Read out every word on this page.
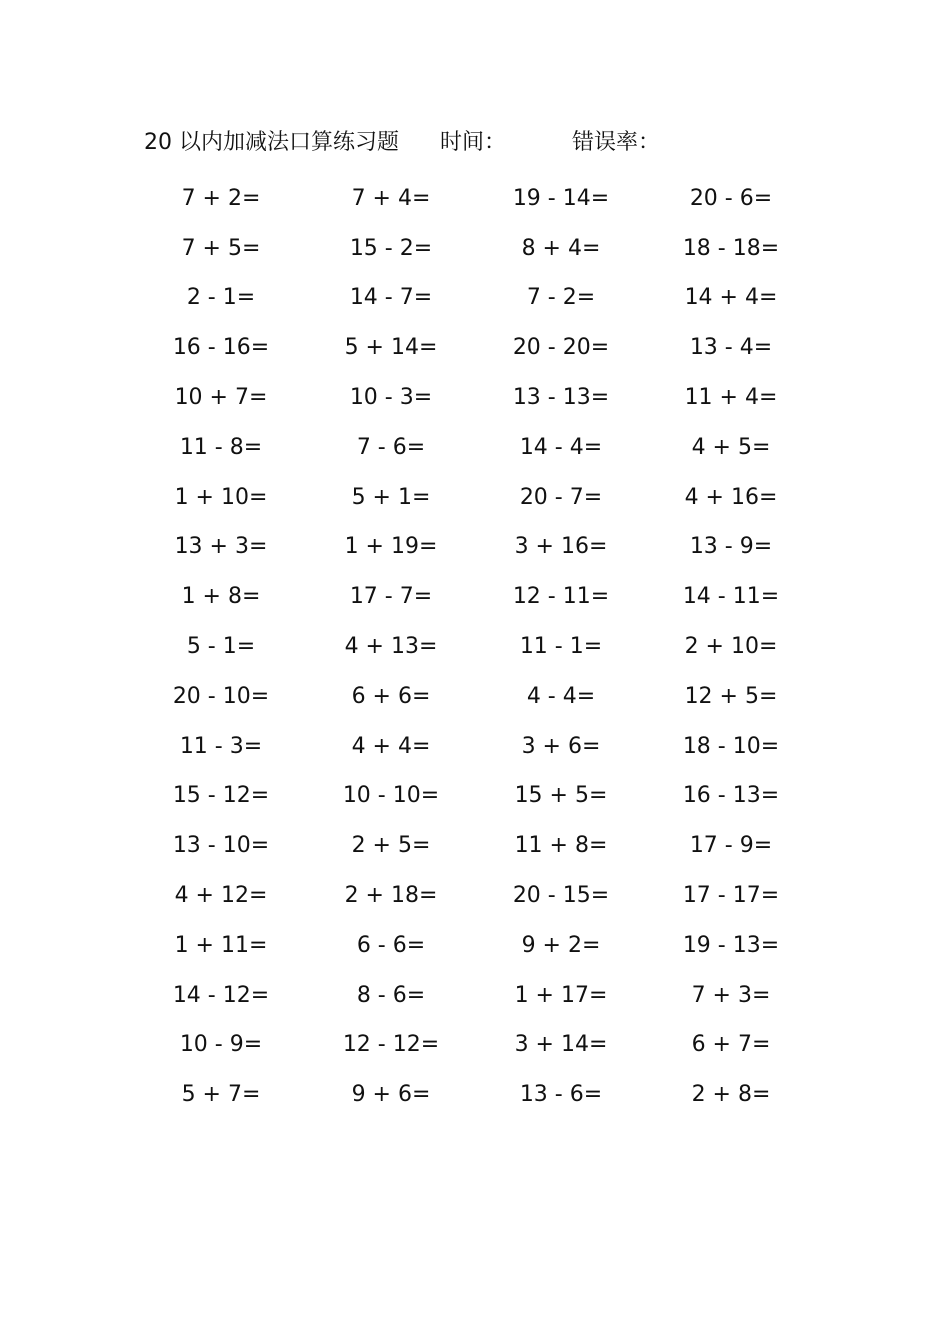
20 以内加减法口算练习题 时间：	错误率：
7 + 2=	7 + 4=	19 - 14=	20 - 6=
7 + 5=	15 - 2=	8 + 4=	18 - 18=
2 - 1=	14 - 7=	7 - 2=	14 + 4=
16 - 16=	5 + 14=	20 - 20=	13 - 4=
10 + 7=	10 - 3=	13 - 13=	11 + 4=
11 - 8=	7 - 6=	14 - 4=	4 + 5=
1 + 10=	5 + 1=	20 - 7=	4 + 16=
13 + 3=	1 + 19=	3 + 16=	13 - 9=
1 + 8=	17 - 7=	12 - 11=	14 - 11=
5 - 1=	4 + 13=	11 - 1=	2 + 10=
20 - 10=	6 + 6=	4 - 4=	12 + 5=
11 - 3=	4 + 4=	3 + 6=	18 - 10=
15 - 12=	10 - 10=	15 + 5=	16 - 13=
13 - 10=	2 + 5=	11 + 8=	17 - 9=
4 + 12=	2 + 18=	20 - 15=	17 - 17=
1 + 11=	6 - 6=	9 + 2=	19 - 13=
14 - 12=	8 - 6=	1 + 17=	7 + 3=
10 - 9=	12 - 12=	3 + 14=	6 + 7=
5 + 7=	9 + 6=	13 - 6=	2 + 8=
